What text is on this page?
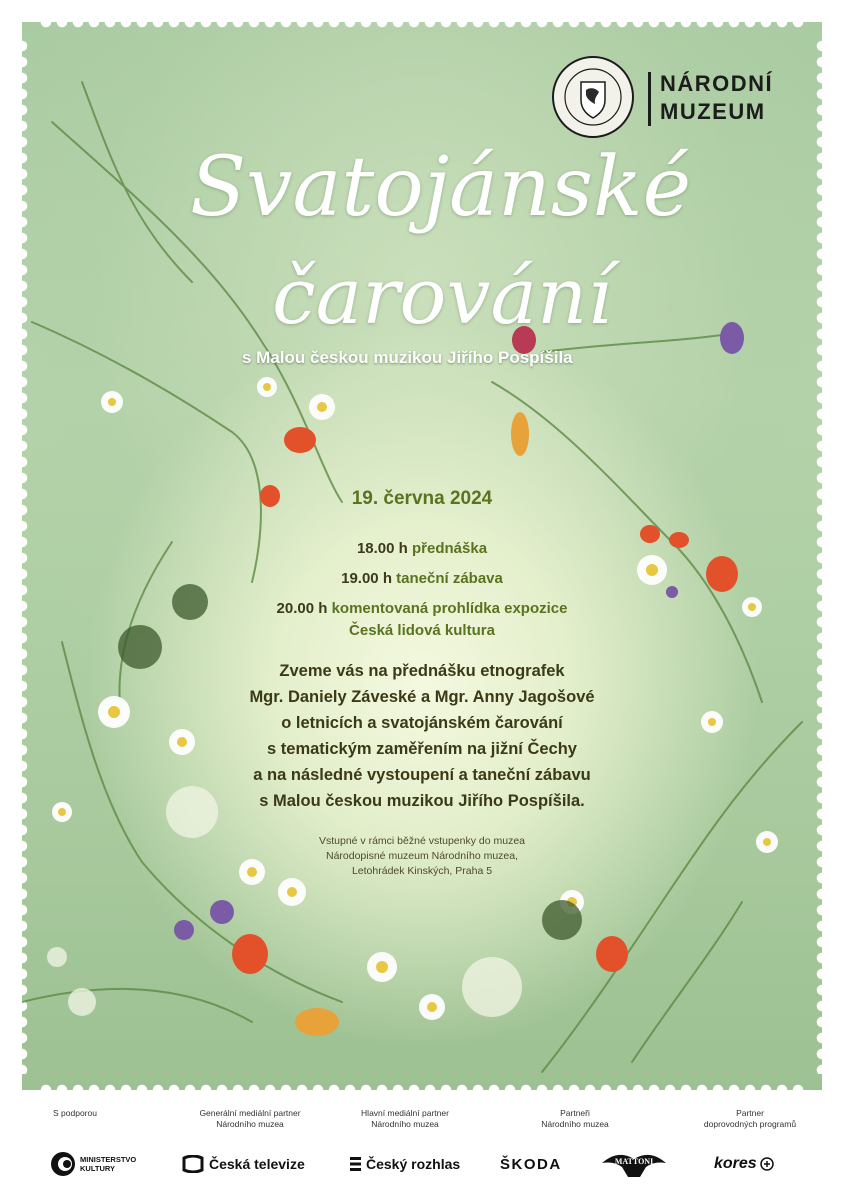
NÁRODNÍ
MUZEUM
Svatojánské
čarování
s Malou českou muzikou Jiřího Pospíšila
19. června 2024
18.00 h přednáška
19.00 h taneční zábava
20.00 h komentovaná prohlídka expozice
Česká lidová kultura
Zveme vás na přednášku etnografek
Mgr. Daniely Záveské a Mgr. Anny Jagošové
o letnicích a svatojánském čarování
s tematickým zaměřením na jižní Čechy
a na následné vystoupení a taneční zábavu
s Malou českou muzikou Jiřího Pospíšila.
Vstupné v rámci běžné vstupenky do muzea
Národopisné muzeum Národního muzea,
Letohrádek Kinských, Praha 5
S podporou	Generální mediální partner
Národního muzea
Hlavní mediální partner
Národního muzea
Partneři
Národního muzea
Partner
doprovodných programů
MINISTERSTVO
KULTURY	Česká televize	Český rozhlas	ŠKODA	MATTONI	kores
